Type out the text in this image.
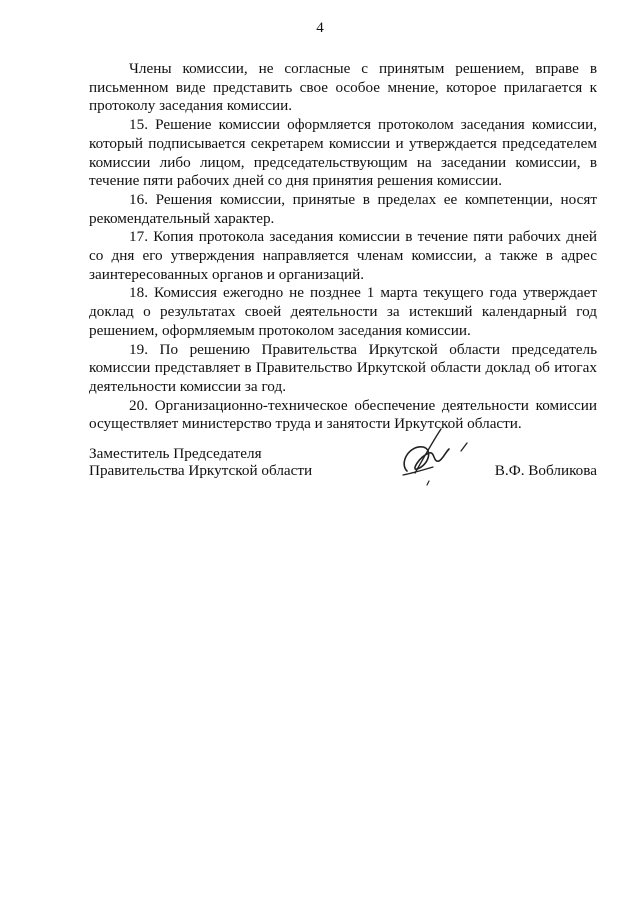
4

Члены комиссии, не согласные с принятым решением, вправе в письменном виде представить свое особое мнение, которое прилагается к протоколу заседания комиссии.

15. Решение комиссии оформляется протоколом заседания комиссии, который подписывается секретарем комиссии и утверждается председателем комиссии либо лицом, председательствующим на заседании комиссии, в течение пяти рабочих дней со дня принятия решения комиссии.

16. Решения комиссии, принятые в пределах ее компетенции, носят рекомендательный характер.

17. Копия протокола заседания комиссии в течение пяти рабочих дней со дня его утверждения направляется членам комиссии, а также в адрес заинтересованных органов и организаций.

18. Комиссия ежегодно не позднее 1 марта текущего года утверждает доклад о результатах своей деятельности за истекший календарный год решением, оформляемым протоколом заседания комиссии.

19. По решению Правительства Иркутской области председатель комиссии представляет в Правительство Иркутской области доклад об итогах деятельности комиссии за год.

20. Организационно-техническое обеспечение деятельности комиссии осуществляет министерство труда и занятости Иркутской области.

Заместитель Председателя
Правительства Иркутской области	В.Ф. Вобликова
